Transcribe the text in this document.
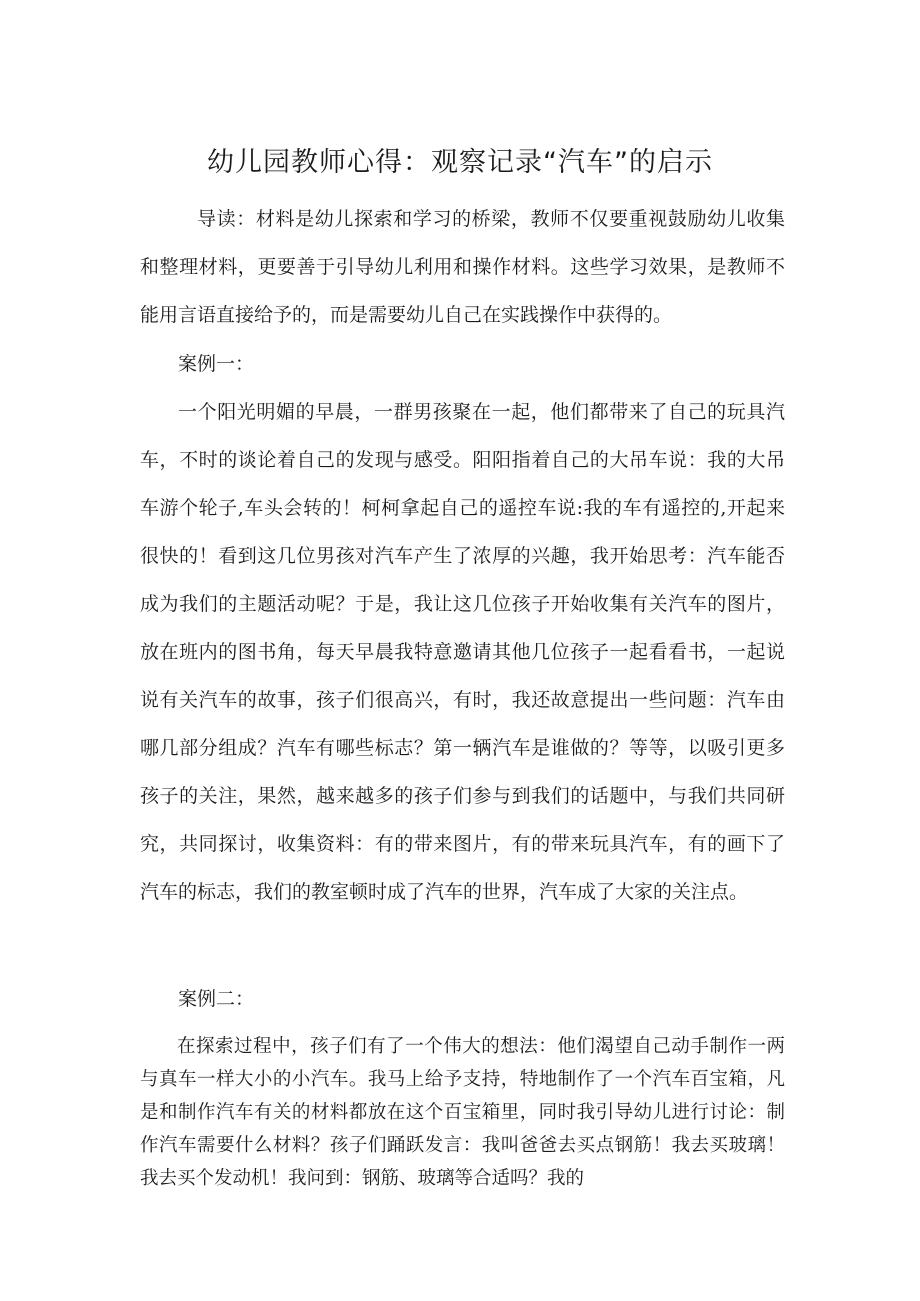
幼儿园教师心得：观察记录“汽车”的启示

导读：材料是幼儿探索和学习的桥梁，教师不仅要重视鼓励幼儿收集和整理材料，更要善于引导幼儿利用和操作材料。这些学习效果，是教师不能用言语直接给予的，而是需要幼儿自己在实践操作中获得的。

案例一：

一个阳光明媚的早晨，一群男孩聚在一起，他们都带来了自己的玩具汽车，不时的谈论着自己的发现与感受。阳阳指着自己的大吊车说：我的大吊车游个轮子,车头会转的！柯柯拿起自己的遥控车说:我的车有遥控的,开起来很快的！看到这几位男孩对汽车产生了浓厚的兴趣，我开始思考：汽车能否成为我们的主题活动呢？于是，我让这几位孩子开始收集有关汽车的图片，放在班内的图书角，每天早晨我特意邀请其他几位孩子一起看看书，一起说说有关汽车的故事，孩子们很高兴，有时，我还故意提出一些问题：汽车由哪几部分组成？汽车有哪些标志？第一辆汽车是谁做的？等等，以吸引更多孩子的关注，果然，越来越多的孩子们参与到我们的话题中，与我们共同研究，共同探讨，收集资料：有的带来图片，有的带来玩具汽车，有的画下了汽车的标志，我们的教室顿时成了汽车的世界，汽车成了大家的关注点。

案例二：

在探索过程中，孩子们有了一个伟大的想法：他们渴望自己动手制作一两与真车一样大小的小汽车。我马上给予支持，特地制作了一个汽车百宝箱，凡是和制作汽车有关的材料都放在这个百宝箱里，同时我引导幼儿进行讨论：制作汽车需要什么材料？孩子们踊跃发言：我叫爸爸去买点钢筋！我去买玻璃！我去买个发动机！我问到：钢筋、玻璃等合适吗？我的
